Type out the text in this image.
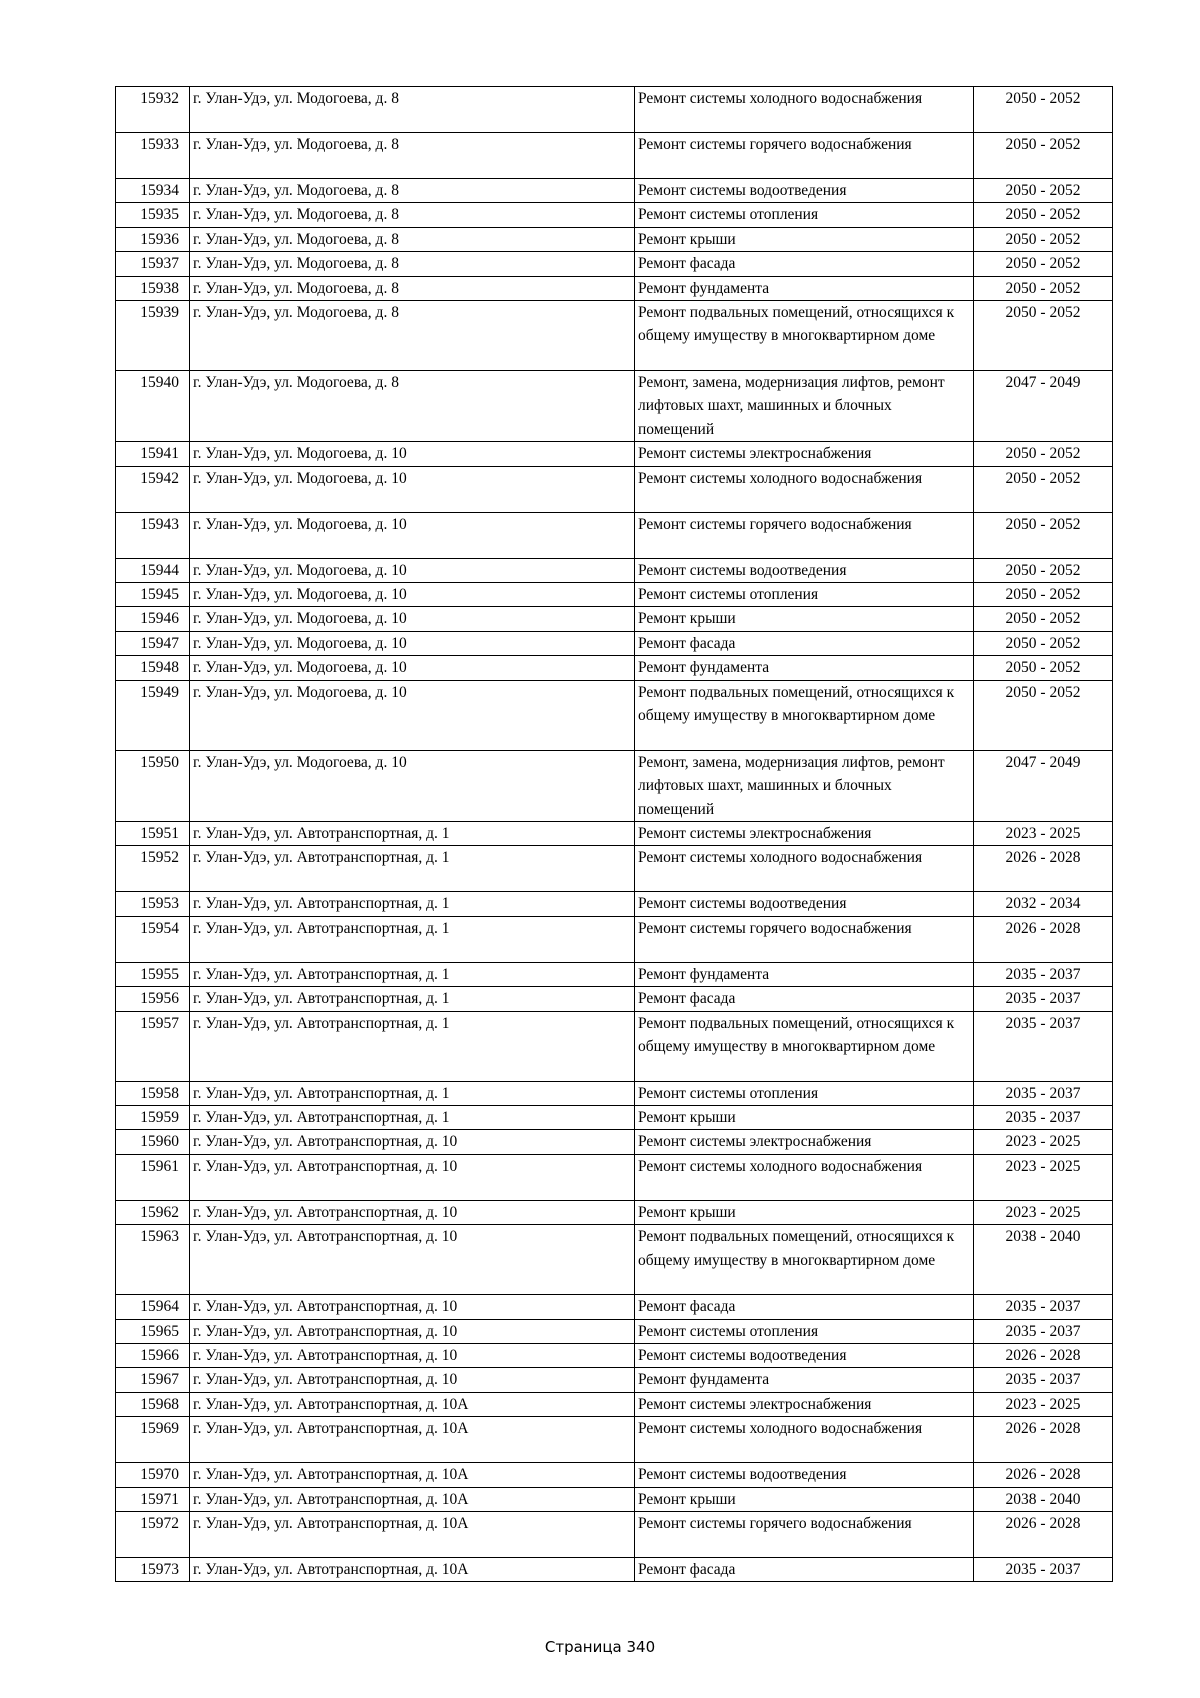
15932	г. Улан-Удэ, ул. Модогоева, д. 8	Ремонт системы холодного водоснабжения	2050 - 2052
15933	г. Улан-Удэ, ул. Модогоева, д. 8	Ремонт системы горячего водоснабжения	2050 - 2052
15934	г. Улан-Удэ, ул. Модогоева, д. 8	Ремонт системы водоотведения	2050 - 2052
15935	г. Улан-Удэ, ул. Модогоева, д. 8	Ремонт системы отопления	2050 - 2052
15936	г. Улан-Удэ, ул. Модогоева, д. 8	Ремонт крыши	2050 - 2052
15937	г. Улан-Удэ, ул. Модогоева, д. 8	Ремонт фасада	2050 - 2052
15938	г. Улан-Удэ, ул. Модогоева, д. 8	Ремонт фундамента	2050 - 2052
15939	г. Улан-Удэ, ул. Модогоева, д. 8	Ремонт подвальных помещений, относящихся к общему имуществу в многоквартирном доме	2050 - 2052
15940	г. Улан-Удэ, ул. Модогоева, д. 8	Ремонт, замена, модернизация лифтов, ремонт лифтовых шахт, машинных и блочных помещений	2047 - 2049
15941	г. Улан-Удэ, ул. Модогоева, д. 10	Ремонт системы электроснабжения	2050 - 2052
15942	г. Улан-Удэ, ул. Модогоева, д. 10	Ремонт системы холодного водоснабжения	2050 - 2052
15943	г. Улан-Удэ, ул. Модогоева, д. 10	Ремонт системы горячего водоснабжения	2050 - 2052
15944	г. Улан-Удэ, ул. Модогоева, д. 10	Ремонт системы водоотведения	2050 - 2052
15945	г. Улан-Удэ, ул. Модогоева, д. 10	Ремонт системы отопления	2050 - 2052
15946	г. Улан-Удэ, ул. Модогоева, д. 10	Ремонт крыши	2050 - 2052
15947	г. Улан-Удэ, ул. Модогоева, д. 10	Ремонт фасада	2050 - 2052
15948	г. Улан-Удэ, ул. Модогоева, д. 10	Ремонт фундамента	2050 - 2052
15949	г. Улан-Удэ, ул. Модогоева, д. 10	Ремонт подвальных помещений, относящихся к общему имуществу в многоквартирном доме	2050 - 2052
15950	г. Улан-Удэ, ул. Модогоева, д. 10	Ремонт, замена, модернизация лифтов, ремонт лифтовых шахт, машинных и блочных помещений	2047 - 2049
15951	г. Улан-Удэ, ул. Автотранспортная, д. 1	Ремонт системы электроснабжения	2023 - 2025
15952	г. Улан-Удэ, ул. Автотранспортная, д. 1	Ремонт системы холодного водоснабжения	2026 - 2028
15953	г. Улан-Удэ, ул. Автотранспортная, д. 1	Ремонт системы водоотведения	2032 - 2034
15954	г. Улан-Удэ, ул. Автотранспортная, д. 1	Ремонт системы горячего водоснабжения	2026 - 2028
15955	г. Улан-Удэ, ул. Автотранспортная, д. 1	Ремонт фундамента	2035 - 2037
15956	г. Улан-Удэ, ул. Автотранспортная, д. 1	Ремонт фасада	2035 - 2037
15957	г. Улан-Удэ, ул. Автотранспортная, д. 1	Ремонт подвальных помещений, относящихся к общему имуществу в многоквартирном доме	2035 - 2037
15958	г. Улан-Удэ, ул. Автотранспортная, д. 1	Ремонт системы отопления	2035 - 2037
15959	г. Улан-Удэ, ул. Автотранспортная, д. 1	Ремонт крыши	2035 - 2037
15960	г. Улан-Удэ, ул. Автотранспортная, д. 10	Ремонт системы электроснабжения	2023 - 2025
15961	г. Улан-Удэ, ул. Автотранспортная, д. 10	Ремонт системы холодного водоснабжения	2023 - 2025
15962	г. Улан-Удэ, ул. Автотранспортная, д. 10	Ремонт крыши	2023 - 2025
15963	г. Улан-Удэ, ул. Автотранспортная, д. 10	Ремонт подвальных помещений, относящихся к общему имуществу в многоквартирном доме	2038 - 2040
15964	г. Улан-Удэ, ул. Автотранспортная, д. 10	Ремонт фасада	2035 - 2037
15965	г. Улан-Удэ, ул. Автотранспортная, д. 10	Ремонт системы отопления	2035 - 2037
15966	г. Улан-Удэ, ул. Автотранспортная, д. 10	Ремонт системы водоотведения	2026 - 2028
15967	г. Улан-Удэ, ул. Автотранспортная, д. 10	Ремонт фундамента	2035 - 2037
15968	г. Улан-Удэ, ул. Автотранспортная, д. 10А	Ремонт системы электроснабжения	2023 - 2025
15969	г. Улан-Удэ, ул. Автотранспортная, д. 10А	Ремонт системы холодного водоснабжения	2026 - 2028
15970	г. Улан-Удэ, ул. Автотранспортная, д. 10А	Ремонт системы водоотведения	2026 - 2028
15971	г. Улан-Удэ, ул. Автотранспортная, д. 10А	Ремонт крыши	2038 - 2040
15972	г. Улан-Удэ, ул. Автотранспортная, д. 10А	Ремонт системы горячего водоснабжения	2026 - 2028
15973	г. Улан-Удэ, ул. Автотранспортная, д. 10А	Ремонт фасада	2035 - 2037
Страница 340
